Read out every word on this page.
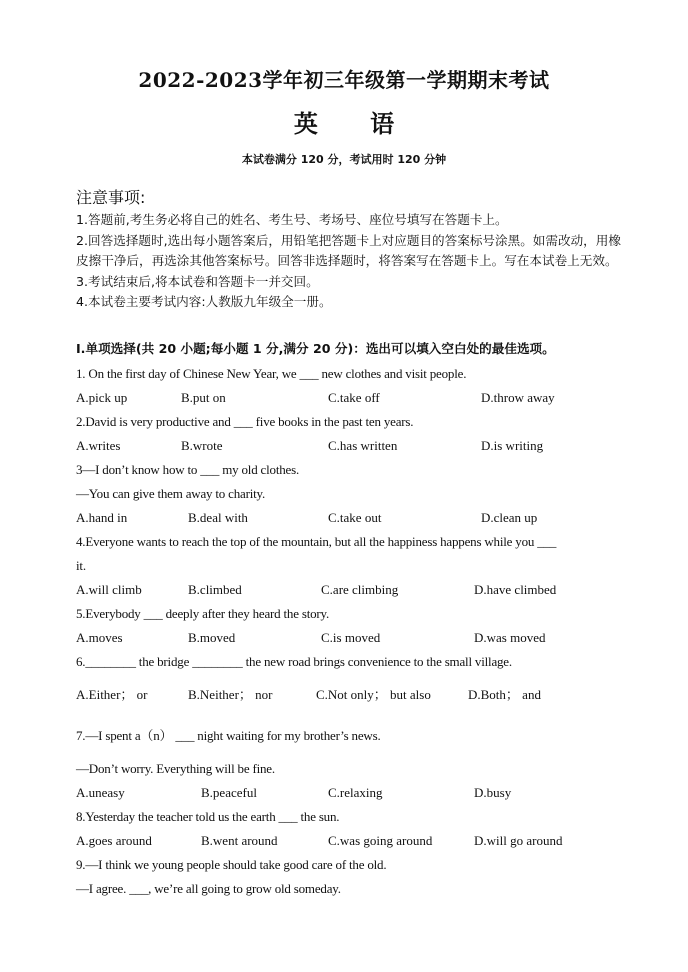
2022-2023学年初三年级第一学期期末考试
英 语
本试卷满分 120 分，考试用时 120 分钟
注意事项:

1.答题前,考生务必将自己的姓名、考生号、考场号、座位号填写在答题卡上。

2.回答选择题时,选出每小题答案后，用铅笔把答题卡上对应题目的答案标号涂黑。如需改动，用橡皮擦干净后，再选涂其他答案标号。回答非选择题时，将答案写在答题卡上。写在本试卷上无效。

3.考试结束后,将本试卷和答题卡一并交回。

4.本试卷主要考试内容:人教版九年级全一册。

Ⅰ.单项选择(共 20 小题;每小题 1 分,满分 20 分)：选出可以填入空白处的最佳选项。
1. On the first day of Chinese New Year, we ___ new clothes and visit people.
A.pick up	B.put on	C.take off	D.throw away
2.David is very productive and ___ five books in the past ten years.
A.writes	B.wrote	C.has written	D.is writing
3—I don’t know how to ___ my old clothes.
—You can give them away to charity.
A.hand in	B.deal with	C.take out	D.clean up
4.Everyone wants to reach the top of the mountain, but all the happiness happens while you ___
it.
A.will climb	B.climbed	C.are climbing	D.have climbed
5.Everybody ___ deeply after they heard the story.
A.moves	B.moved	C.is moved	D.was moved
6.________ the bridge ________ the new road brings convenience to the small village.
A.Either； or	B.Neither； nor	C.Not only； but also	D.Both； and
7.—I spent a（n） ___ night waiting for my brother’s news.
—Don’t worry. Everything will be fine.
A.uneasy	B.peaceful	C.relaxing	D.busy
8.Yesterday the teacher told us the earth ___ the sun.
A.goes around	B.went around	C.was going around	D.will go around
9.—I think we young people should take good care of the old.
—I agree. ___, we’re all going to grow old someday.
